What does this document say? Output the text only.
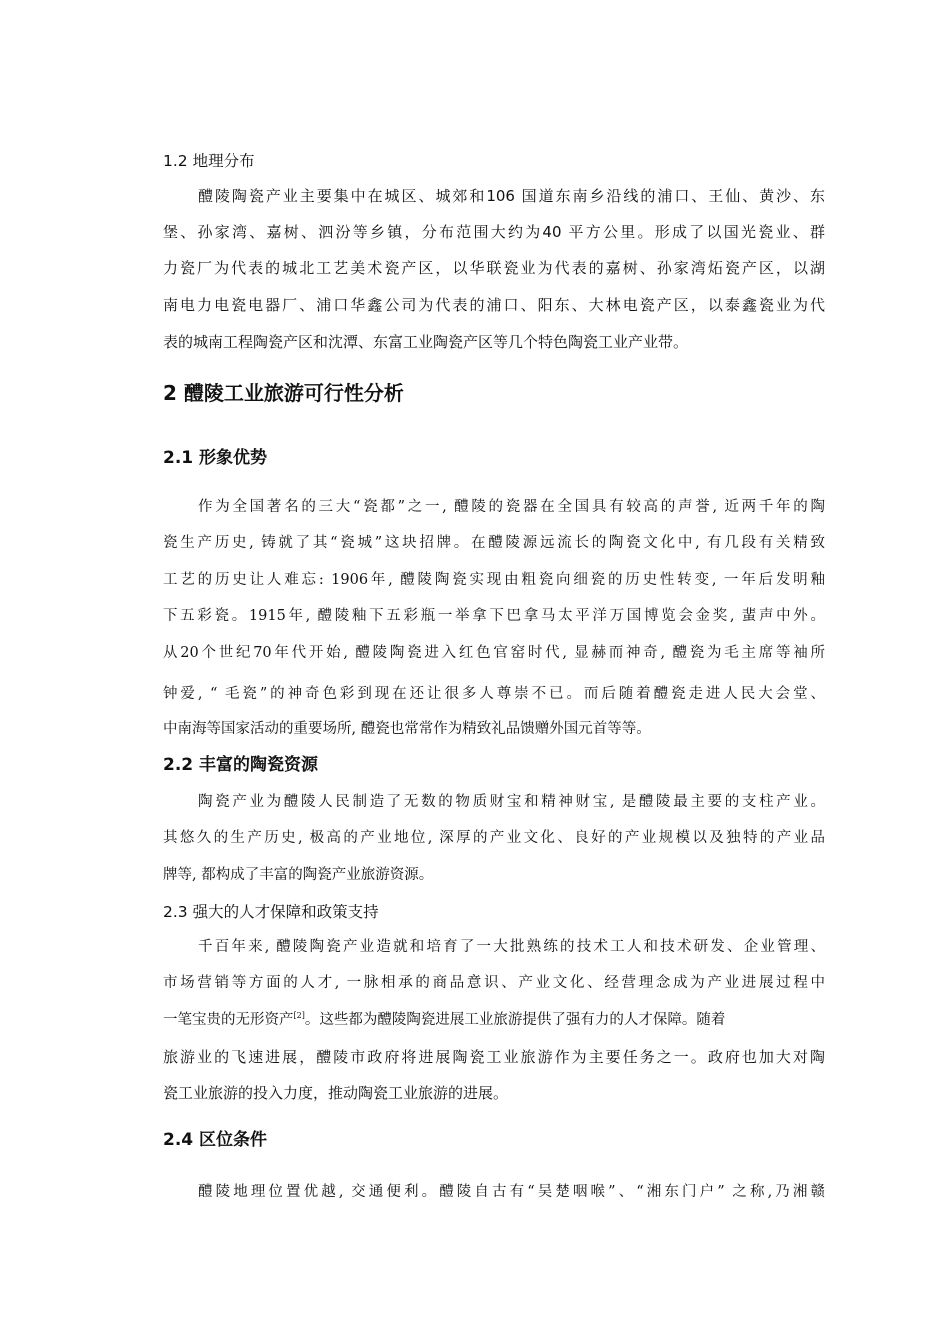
1.2 地理分布
醴陵陶瓷产业主要集中在城区、城郊和106 国道东南乡沿线的浦口、王仙、黄沙、东
堡、孙家湾、嘉树、泗汾等乡镇，分布范围大约为40 平方公里。形成了以国光瓷业、群
力瓷厂为代表的城北工艺美术瓷产区，以华联瓷业为代表的嘉树、孙家湾炻瓷产区，以湖
南电力电瓷电器厂、浦口华鑫公司为代表的浦口、阳东、大林电瓷产区，以泰鑫瓷业为代
表的城南工程陶瓷产区和沈潭、东富工业陶瓷产区等几个特色陶瓷工业产业带。
2 醴陵工业旅游可行性分析
2.1 形象优势
作为全国著名的三大“瓷都”之一, 醴陵的瓷器在全国具有较高的声誉, 近两千年的陶
瓷生产历史, 铸就了其“瓷城”这块招牌。在醴陵源远流长的陶瓷文化中, 有几段有关精致
工艺的历史让人难忘: 1906年, 醴陵陶瓷实现由粗瓷向细瓷的历史性转变, 一年后发明釉
下五彩瓷。1915年, 醴陵釉下五彩瓶一举拿下巴拿马太平洋万国博览会金奖, 蜚声中外。
从20个世纪70年代开始, 醴陵陶瓷进入红色官窑时代, 显赫而神奇, 醴瓷为毛主席等袖所
钟爱, “ 毛瓷”的神奇色彩到现在还让很多人尊崇不已。而后随着醴瓷走进人民大会堂、
中南海等国家活动的重要场所, 醴瓷也常常作为精致礼品馈赠外国元首等等。
2.2 丰富的陶瓷资源
陶瓷产业为醴陵人民制造了无数的物质财宝和精神财宝, 是醴陵最主要的支柱产业。
其悠久的生产历史, 极高的产业地位, 深厚的产业文化、良好的产业规模以及独特的产业品
牌等, 都构成了丰富的陶瓷产业旅游资源。
2.3 强大的人才保障和政策支持
千百年来, 醴陵陶瓷产业造就和培育了一大批熟练的技术工人和技术研发、企业管理、
市场营销等方面的人才, 一脉相承的商品意识、产业文化、经营理念成为产业进展过程中
一笔宝贵的无形资产[2]。这些都为醴陵陶瓷进展工业旅游提供了强有力的人才保障。随着
旅游业的飞速进展，醴陵市政府将进展陶瓷工业旅游作为主要任务之一。政府也加大对陶
瓷工业旅游的投入力度，推动陶瓷工业旅游的进展。
2.4 区位条件
醴陵地理位置优越, 交通便利。醴陵自古有“吴楚咽喉”、“湘东门户” 之称,乃湘赣
